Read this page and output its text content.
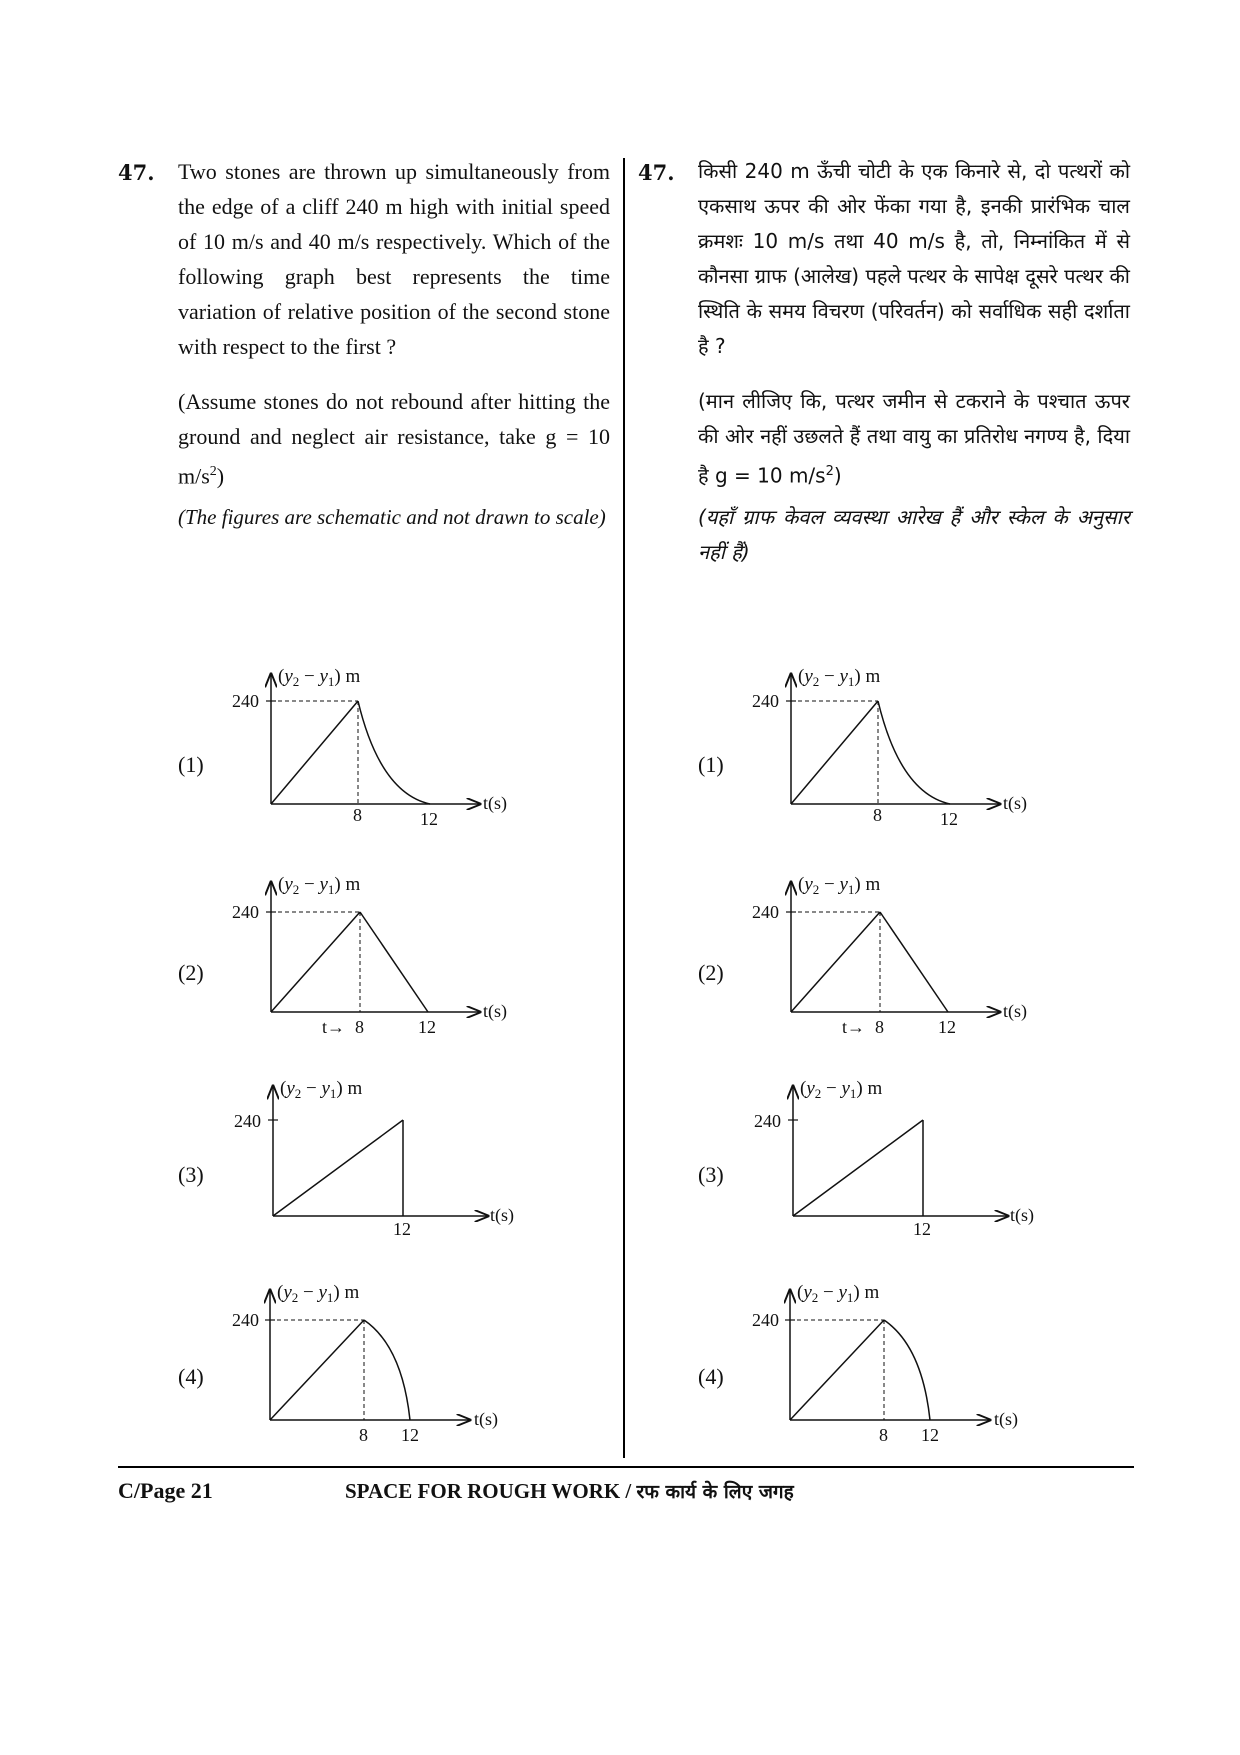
47. Two stones are thrown up simultaneously from the edge of a cliff 240 m high with initial speed of 10 m/s and 40 m/s respectively. Which of the following graph best represents the time variation of relative position of the second stone with respect to the first ?
(Assume stones do not rebound after hitting the ground and neglect air resistance, take g = 10 $m/s^2$)
(The figures are schematic and not drawn to scale)
47. किसी 240 m ऊँची चोटी के एक किनारे से, दो पत्थरों को एकसाथ ऊपर की ओर फेंका गया है, इनकी प्रारंभिक चाल क्रमशः 10 m/s तथा 40 m/s है, तो, निम्नांकित में से कौनसा ग्राफ (आलेख) पहले पत्थर के सापेक्ष दूसरे पत्थर की स्थिति के समय विचरण (परिवर्तन) को सर्वाधिक सही दर्शाता है ?
(मान लीजिए कि, पत्थर जमीन से टकराने के पश्चात ऊपर की ओर नहीं उछलते हैं तथा वायु का प्रतिरोध नगण्य है, दिया है g = 10 $m/s^2$)
(यहाँ ग्राफ केवल व्यवस्था आरेख हैं और स्केल के अनुसार नहीं हैं)
(1)
(2)
(3)
(4)
(1)
(2)
(3)
(4)
240
$(y_2 - y_1)$ m
8	12
t(s)
240
$(y_2 - y_1)$ m
8	12
t(s)
240
$(y_2 - y_1)$ m
t→ 8	12
t(s)
240
$(y_2 - y_1)$ m
t→ 8	12
t(s)
240
$(y_2 - y_1)$ m
12
t(s)
240
$(y_2 - y_1)$ m
12
t(s)
240
$(y_2 - y_1)$ m
8 12
t(s)
240
$(y_2 - y_1)$ m
8 12
t(s)
C/Page 21	SPACE FOR ROUGH WORK / रफ कार्य के लिए जगह
